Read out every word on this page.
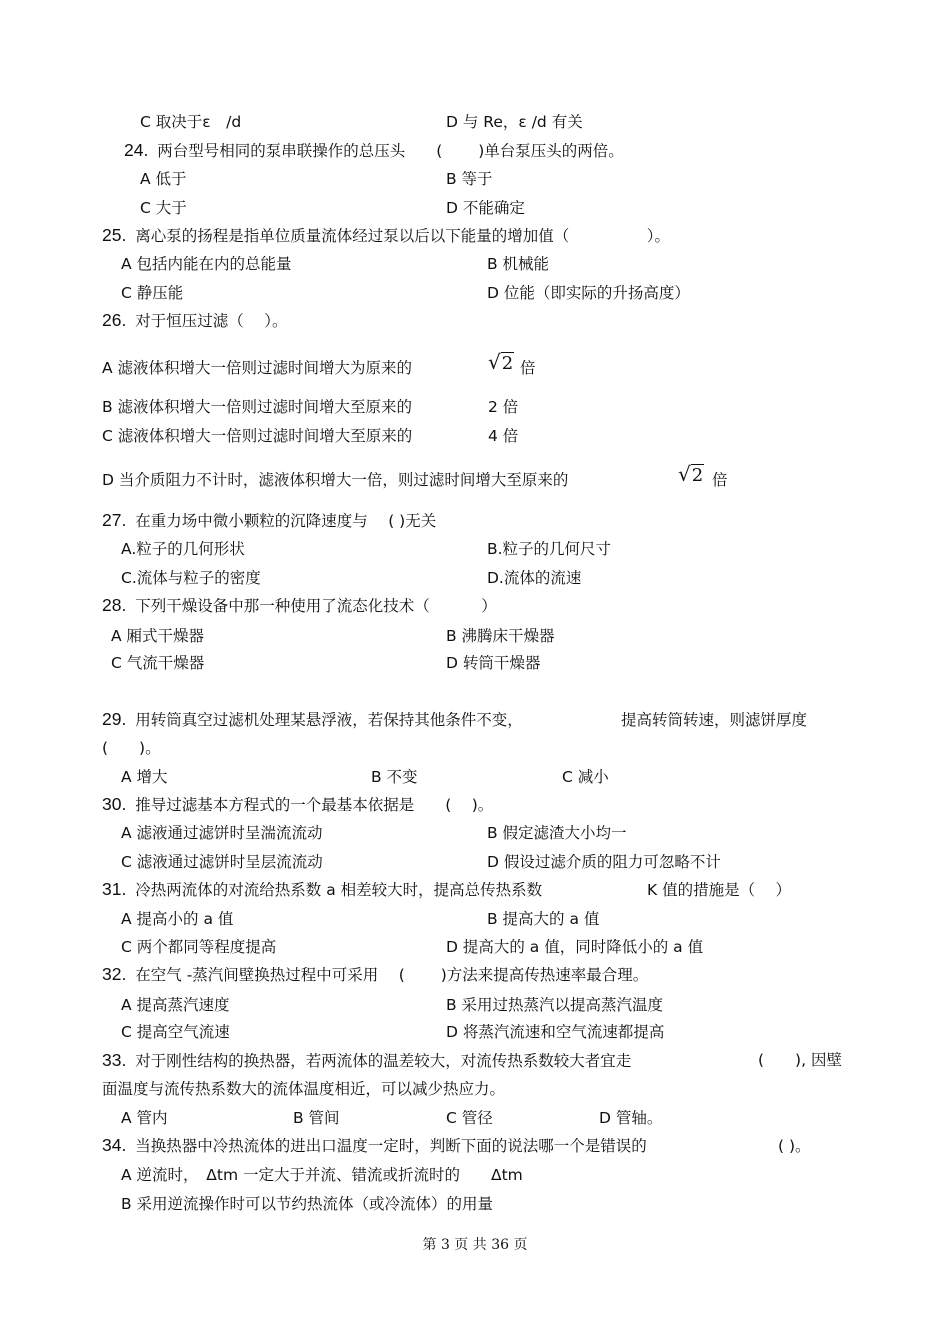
C 取决于ε　/d	D 与 Re，ε /d 有关
24. 两台型号相同的泵串联操作的总压头　　(　　 )单台泵压头的两倍。
A 低于	B 等于
C 大于	D 不能确定
25. 离心泵的扬程是指单位质量流体经过泵以后以下能量的增加值（　　　　　）。
A 包括内能在内的总能量	B 机械能
C 静压能	D 位能（即实际的升扬高度）
26. 对于恒压过滤（　 ）。
A 滤液体积增大一倍则过滤时间增大为原来的	√2 倍
B 滤液体积增大一倍则过滤时间增大至原来的	2 倍
C 滤液体积增大一倍则过滤时间增大至原来的	4 倍
D 当介质阻力不计时，滤液体积增大一倍，则过滤时间增大至原来的	√2 倍
27. 在重力场中微小颗粒的沉降速度与　 ( )无关
A.粒子的几何形状	B.粒子的几何尺寸
C.流体与粒子的密度	D.流体的流速
28. 下列干燥设备中那一种使用了流态化技术（　　　 ）
A 厢式干燥器	B 沸腾床干燥器
C 气流干燥器	D 转筒干燥器
29. 用转筒真空过滤机处理某悬浮液，若保持其他条件不变，	提高转筒转速，则滤饼厚度
(　　)。
A 增大	B 不变	C 减小
30. 推导过滤基本方程式的一个最基本依据是　　(　 )。
A 滤液通过滤饼时呈湍流流动	B 假定滤渣大小均一
C 滤液通过滤饼时呈层流流动	D 假设过滤介质的阻力可忽略不计
31. 冷热两流体的对流给热系数 a 相差较大时，提高总传热系数	K 值的措施是（　 ）
A 提高小的 a 值	B 提高大的 a 值
C 两个都同等程度提高	D 提高大的 a 值，同时降低小的 a 值
32. 在空气 -蒸汽间壁换热过程中可采用　 (　　 )方法来提高传热速率最合理。
A 提高蒸汽速度	B 采用过热蒸汽以提高蒸汽温度
C 提高空气流速	D 将蒸汽流速和空气流速都提高
33. 对于刚性结构的换热器，若两流体的温差较大，对流传热系数较大者宜走	(　　), 因壁
面温度与流传热系数大的流体温度相近，可以减少热应力。
A 管内	B 管间	C 管径	D 管轴。
34. 当换热器中冷热流体的进出口温度一定时，判断下面的说法哪一个是错误的	( )。
A 逆流时，　Δtm 一定大于并流、错流或折流时的　　Δtm
B 采用逆流操作时可以节约热流体（或冷流体）的用量
第 3 页 共 36 页
